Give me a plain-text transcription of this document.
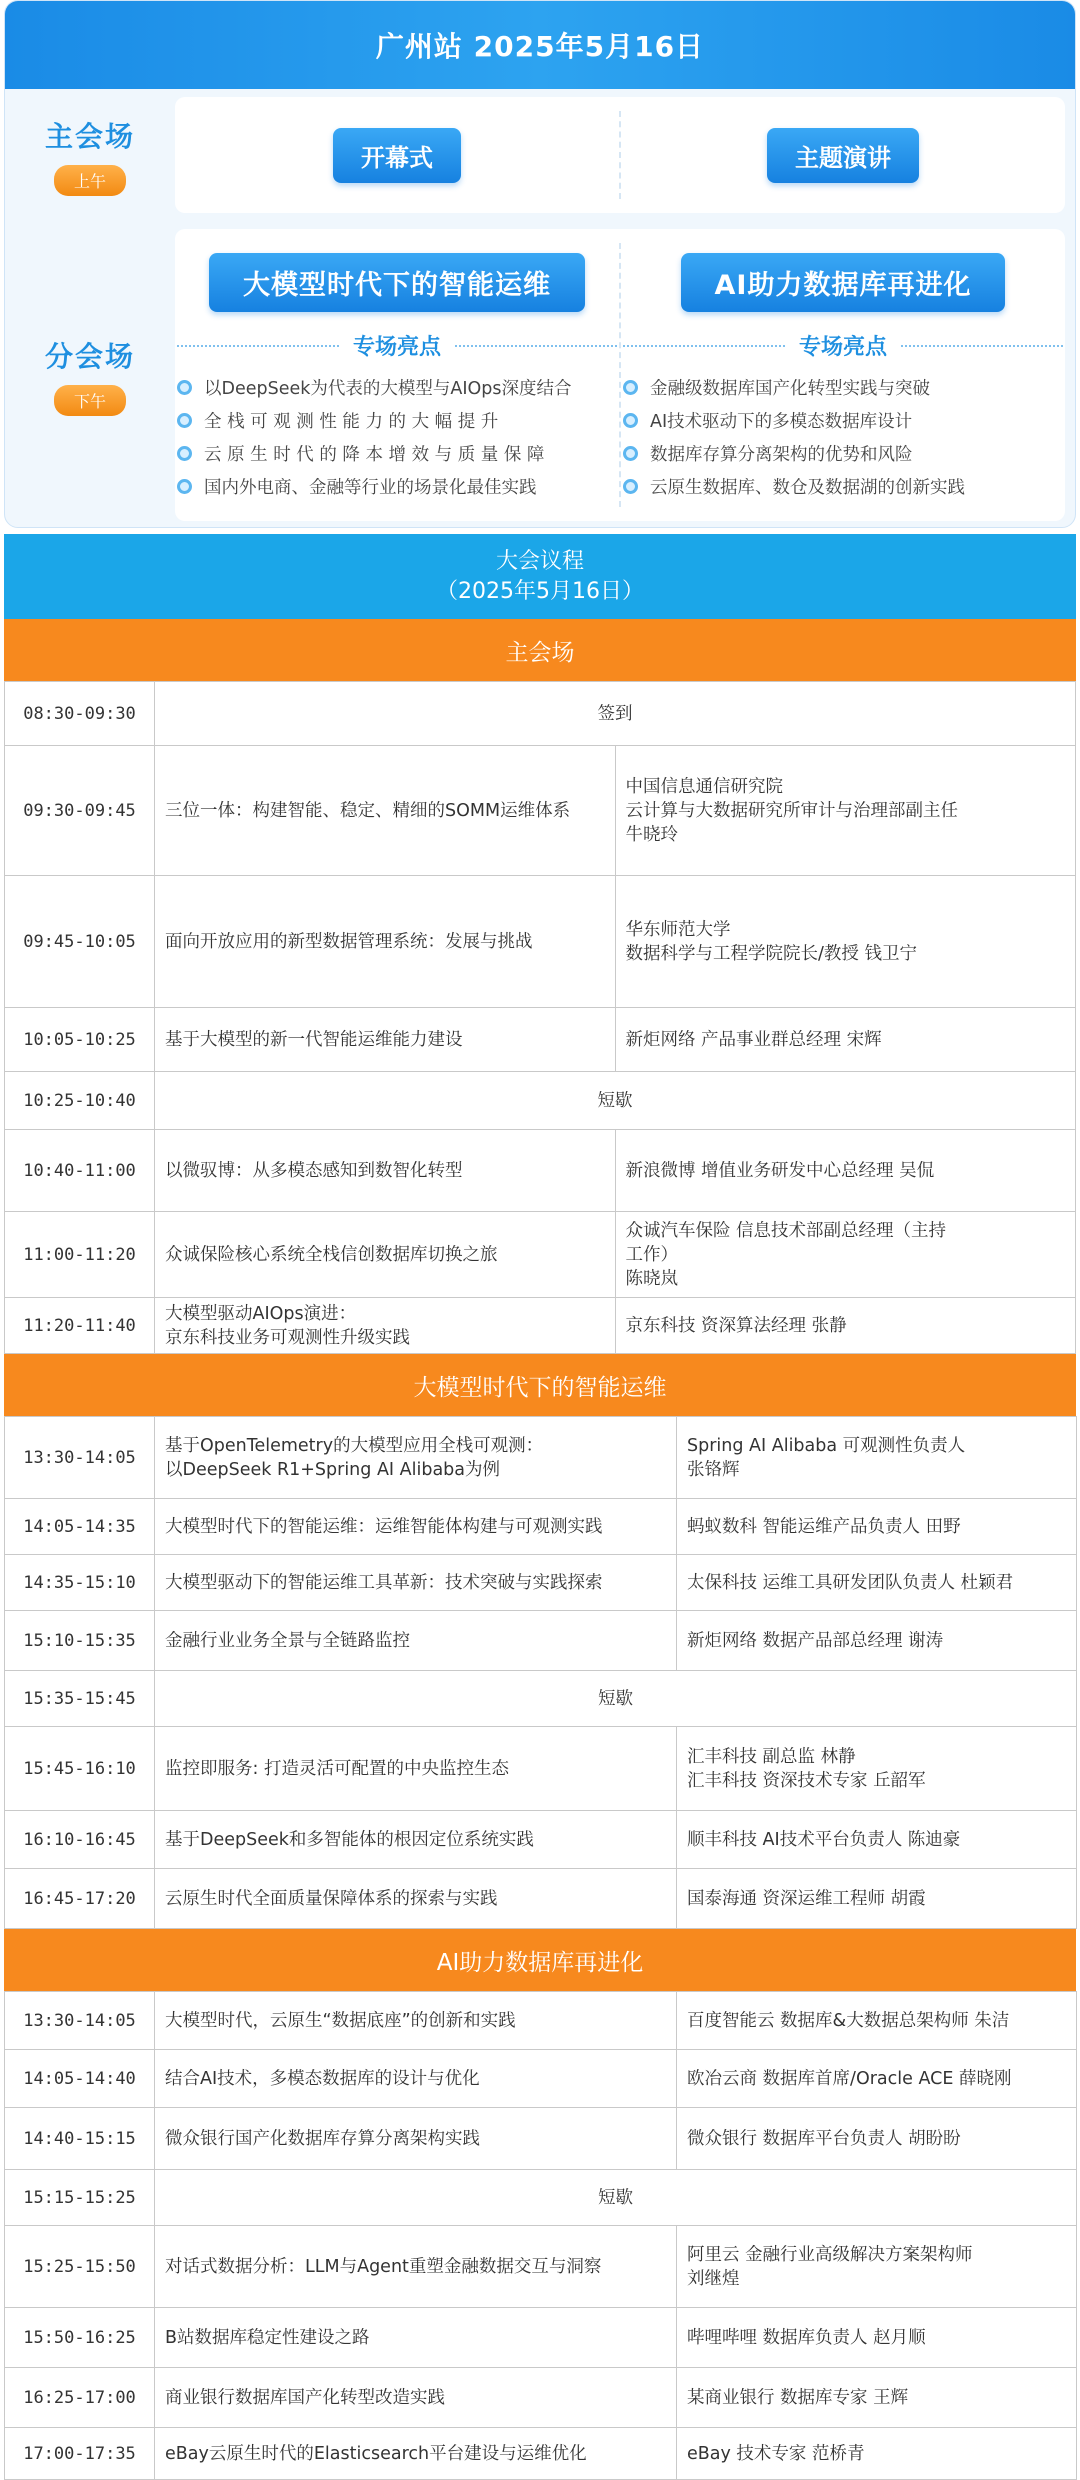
广州站 2025年5月16日
主会场
上午
开幕式	主题演讲
分会场
下午
大模型时代下的智能运维
专场亮点
以DeepSeek为代表的大模型与AIOps深度结合
全 栈 可 观 测 性 能 力 的 大 幅 提 升
云 原 生 时 代 的 降 本 增 效 与 质 量 保 障
国内外电商、金融等行业的场景化最佳实践
AI助力数据库再进化
专场亮点
金融级数据库国产化转型实践与突破
AI技术驱动下的多模态数据库设计
数据库存算分离架构的优势和风险
云原生数据库、数仓及数据湖的创新实践
大会议程
（2025年5月16日）
主会场
08:30-09:30	签到	
09:30-09:45	三位一体：构建智能、稳定、精细的SOMM运维体系	中国信息通信研究院
云计算与大数据研究所审计与治理部副主任
牛晓玲

09:45-10:05	面向开放应用的新型数据管理系统：发展与挑战	华东师范大学
数据科学与工程学院院长/教授 钱卫宁

10:05-10:25	基于大模型的新一代智能运维能力建设	新炬网络 产品事业群总经理 宋辉

10:25-10:40	短歇	
10:40-11:00	以微驭博：从多模态感知到数智化转型	新浪微博 增值业务研发中心总经理 吴侃

11:00-11:20	众诚保险核心系统全栈信创数据库切换之旅	众诚汽车保险 信息技术部副总经理（主持
工作）
陈晓岚

11:20-11:40	大模型驱动AIOps演进：
京东科技业务可观测性升级实践	京东科技 资深算法经理 张静
大模型时代下的智能运维
13:30-14:05	基于OpenTelemetry的大模型应用全栈可观测：
以DeepSeek R1+Spring AI Alibaba为例	Spring AI Alibaba 可观测性负责人
张铬辉

14:05-14:35	大模型时代下的智能运维：运维智能体构建与可观测实践	蚂蚁数科 智能运维产品负责人 田野

14:35-15:10	大模型驱动下的智能运维工具革新：技术突破与实践探索	太保科技 运维工具研发团队负责人 杜颖君

15:10-15:35	金融行业业务全景与全链路监控	新炬网络 数据产品部总经理 谢涛

15:35-15:45	短歇	
15:45-16:10	监控即服务: 打造灵活可配置的中央监控生态	汇丰科技 副总监 林静
汇丰科技 资深技术专家 丘韶军

16:10-16:45	基于DeepSeek和多智能体的根因定位系统实践	顺丰科技 AI技术平台负责人 陈迪豪

16:45-17:20	云原生时代全面质量保障体系的探索与实践	国泰海通 资深运维工程师 胡霞
AI助力数据库再进化
13:30-14:05	大模型时代，云原生“数据底座”的创新和实践	百度智能云 数据库&大数据总架构师 朱洁

14:05-14:40	结合AI技术，多模态数据库的设计与优化	欧冶云商 数据库首席/Oracle ACE 薛晓刚

14:40-15:15	微众银行国产化数据库存算分离架构实践	微众银行 数据库平台负责人 胡盼盼

15:15-15:25	短歇	
15:25-15:50	对话式数据分析：LLM与Agent重塑金融数据交互与洞察	阿里云 金融行业高级解决方案架构师
刘继煌

15:50-16:25	B站数据库稳定性建设之路	哔哩哔哩 数据库负责人 赵月顺

16:25-17:00	商业银行数据库国产化转型改造实践	某商业银行 数据库专家 王辉

17:00-17:35	eBay云原生时代的Elasticsearch平台建设与运维优化	eBay 技术专家 范桥青
